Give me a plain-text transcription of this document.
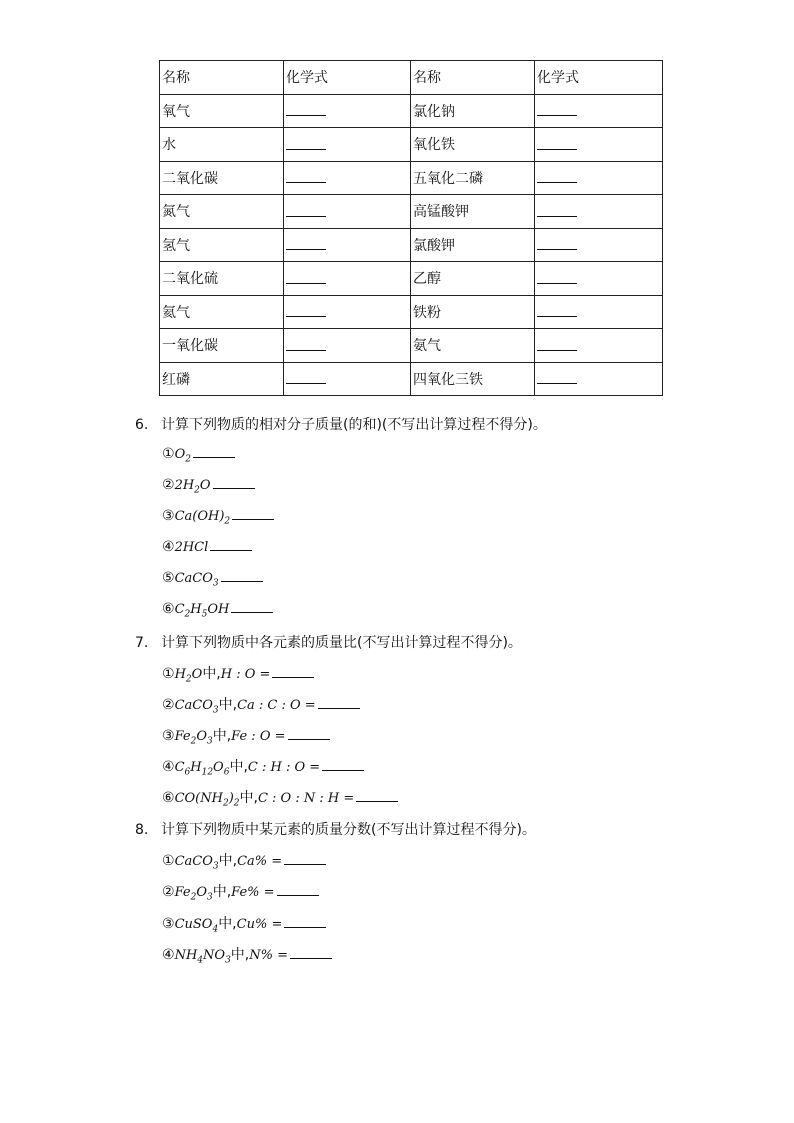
名称	化学式	名称	化学式
氧气		氯化钠	
水		氧化铁	
二氧化碳		五氧化二磷	
氮气		高锰酸钾	
氢气		氯酸钾	
二氧化硫		乙醇	
氦气		铁粉	
一氧化碳		氨气	
红磷		四氧化三铁	
6. 计算下列物质的相对分子质量(的和)(不写出计算过程不得分)。
$①O_2$
$②2H_2O$
$③Ca(OH)_2$
④2HCl
⑤CaCO$_3$
$⑥C_2H_5OH$
7. 计算下列物质中各元素的质量比(不写出计算过程不得分)。
$①H_2O$中,H : O =
②CaCO$_3$中,Ca : C : O =
$③Fe_2O_3$中,Fe : O =
$④C_6H_{12}O_6$中,C : H : O =
$⑥CO(NH_2)_2$中,C : O : N : H =
8. 计算下列物质中某元素的质量分数(不写出计算过程不得分)。
①CaCO$_3$中,Ca% =
$②Fe_2O_3$中,Fe% =
③CuSO$_4$中,Cu% =
$④NH_4NO_3$中,N% =
